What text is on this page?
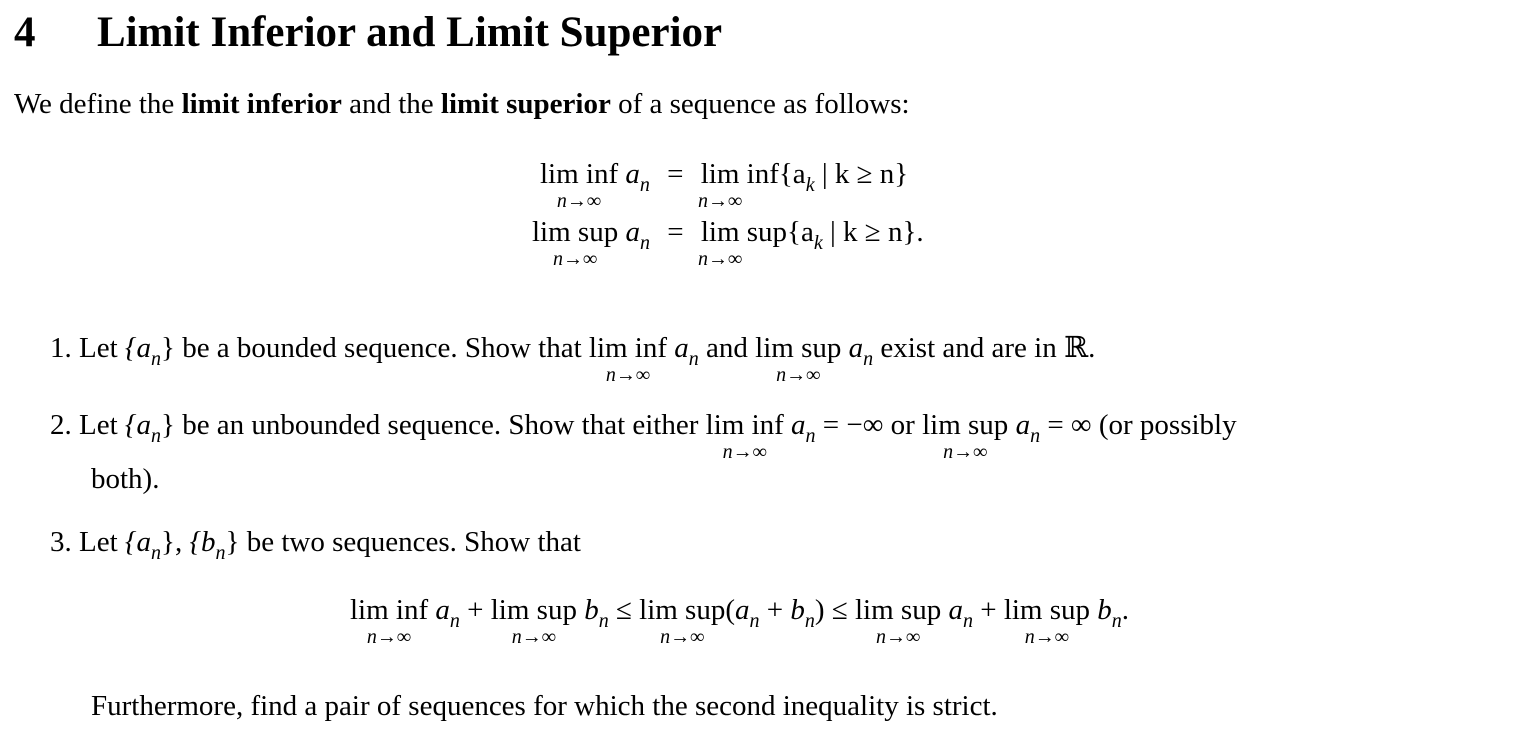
4 Limit Inferior and Limit Superior
We define the limit inferior and the limit superior of a sequence as follows:
lim inf
n→∞
$a_n = \lim$
n→∞
$inf\{a_k$ | k ≥ n}
lim sup
n→∞
$a_n = \lim$
n→∞
$sup\{a_k$ | k ≥ n}.
1. Let $\{a_n\}$ be a bounded sequence. Show that lim inf
n→∞
$a_n$ and lim sup
n→∞
$a_n$ exist and are in ℝ.
2. Let $\{a_n\}$ be an unbounded sequence. Show that either lim inf
n→∞
$a_n$ = −∞ or lim sup
n→∞
$a_n$ = ∞ (or possibly
both).
3. Let $\{a_n\}$, $\{b_n\}$ be two sequences. Show that
lim inf
n→∞
$a_n + \lim$ sup
n→∞
$b_n \le \lim$ sup
n→∞
$(a_n + b_n) \le \lim$ sup
n→∞
$a_n + \lim$ sup
n→∞
$b_n$.
Furthermore, find a pair of sequences for which the second inequality is strict.
